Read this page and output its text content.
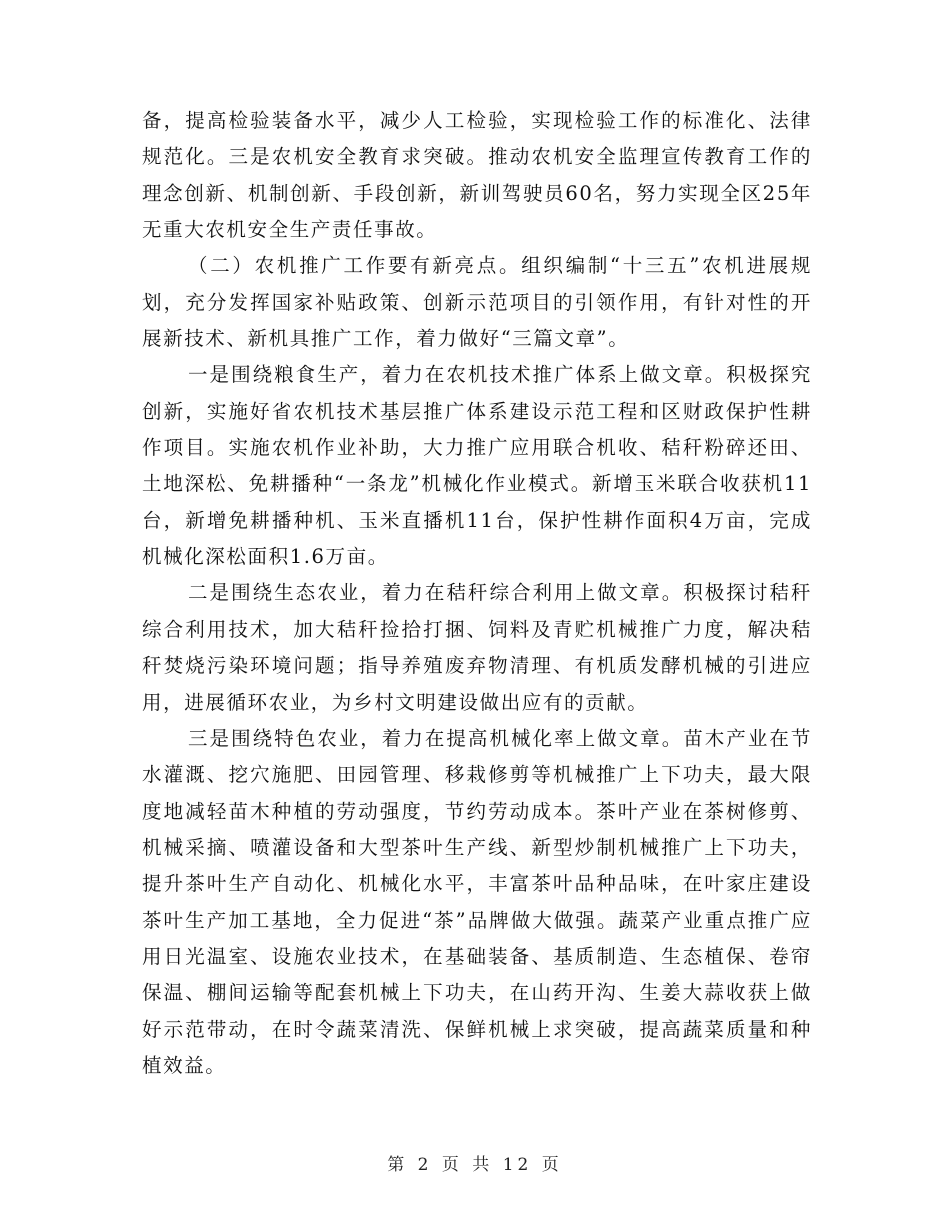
备，提高检验装备水平，减少人工检验，实现检验工作的标准化、法律规范化。三是农机安全教育求突破。推动农机安全监理宣传教育工作的理念创新、机制创新、手段创新，新训驾驶员60名，努力实现全区25年无重大农机安全生产责任事故。

（二）农机推广工作要有新亮点。组织编制“十三五”农机进展规划，充分发挥国家补贴政策、创新示范项目的引领作用，有针对性的开展新技术、新机具推广工作，着力做好“三篇文章”。

一是围绕粮食生产，着力在农机技术推广体系上做文章。积极探究创新，实施好省农机技术基层推广体系建设示范工程和区财政保护性耕作项目。实施农机作业补助，大力推广应用联合机收、秸秆粉碎还田、土地深松、免耕播种“一条龙”机械化作业模式。新增玉米联合收获机11台，新增免耕播种机、玉米直播机11台，保护性耕作面积4万亩，完成机械化深松面积1.6万亩。

二是围绕生态农业，着力在秸秆综合利用上做文章。积极探讨秸秆综合利用技术，加大秸秆捡拾打捆、饲料及青贮机械推广力度，解决秸秆焚烧污染环境问题；指导养殖废弃物清理、有机质发酵机械的引进应用，进展循环农业，为乡村文明建设做出应有的贡献。

三是围绕特色农业，着力在提高机械化率上做文章。苗木产业在节水灌溉、挖穴施肥、田园管理、移栽修剪等机械推广上下功夫，最大限度地减轻苗木种植的劳动强度，节约劳动成本。茶叶产业在茶树修剪、机械采摘、喷灌设备和大型茶叶生产线、新型炒制机械推广上下功夫，提升茶叶生产自动化、机械化水平，丰富茶叶品种品味，在叶家庄建设茶叶生产加工基地，全力促进“茶”品牌做大做强。蔬菜产业重点推广应用日光温室、设施农业技术，在基础装备、基质制造、生态植保、卷帘保温、棚间运输等配套机械上下功夫，在山药开沟、生姜大蒜收获上做好示范带动，在时令蔬菜清洗、保鲜机械上求突破，提高蔬菜质量和种植效益。

第 2 页 共 12 页
